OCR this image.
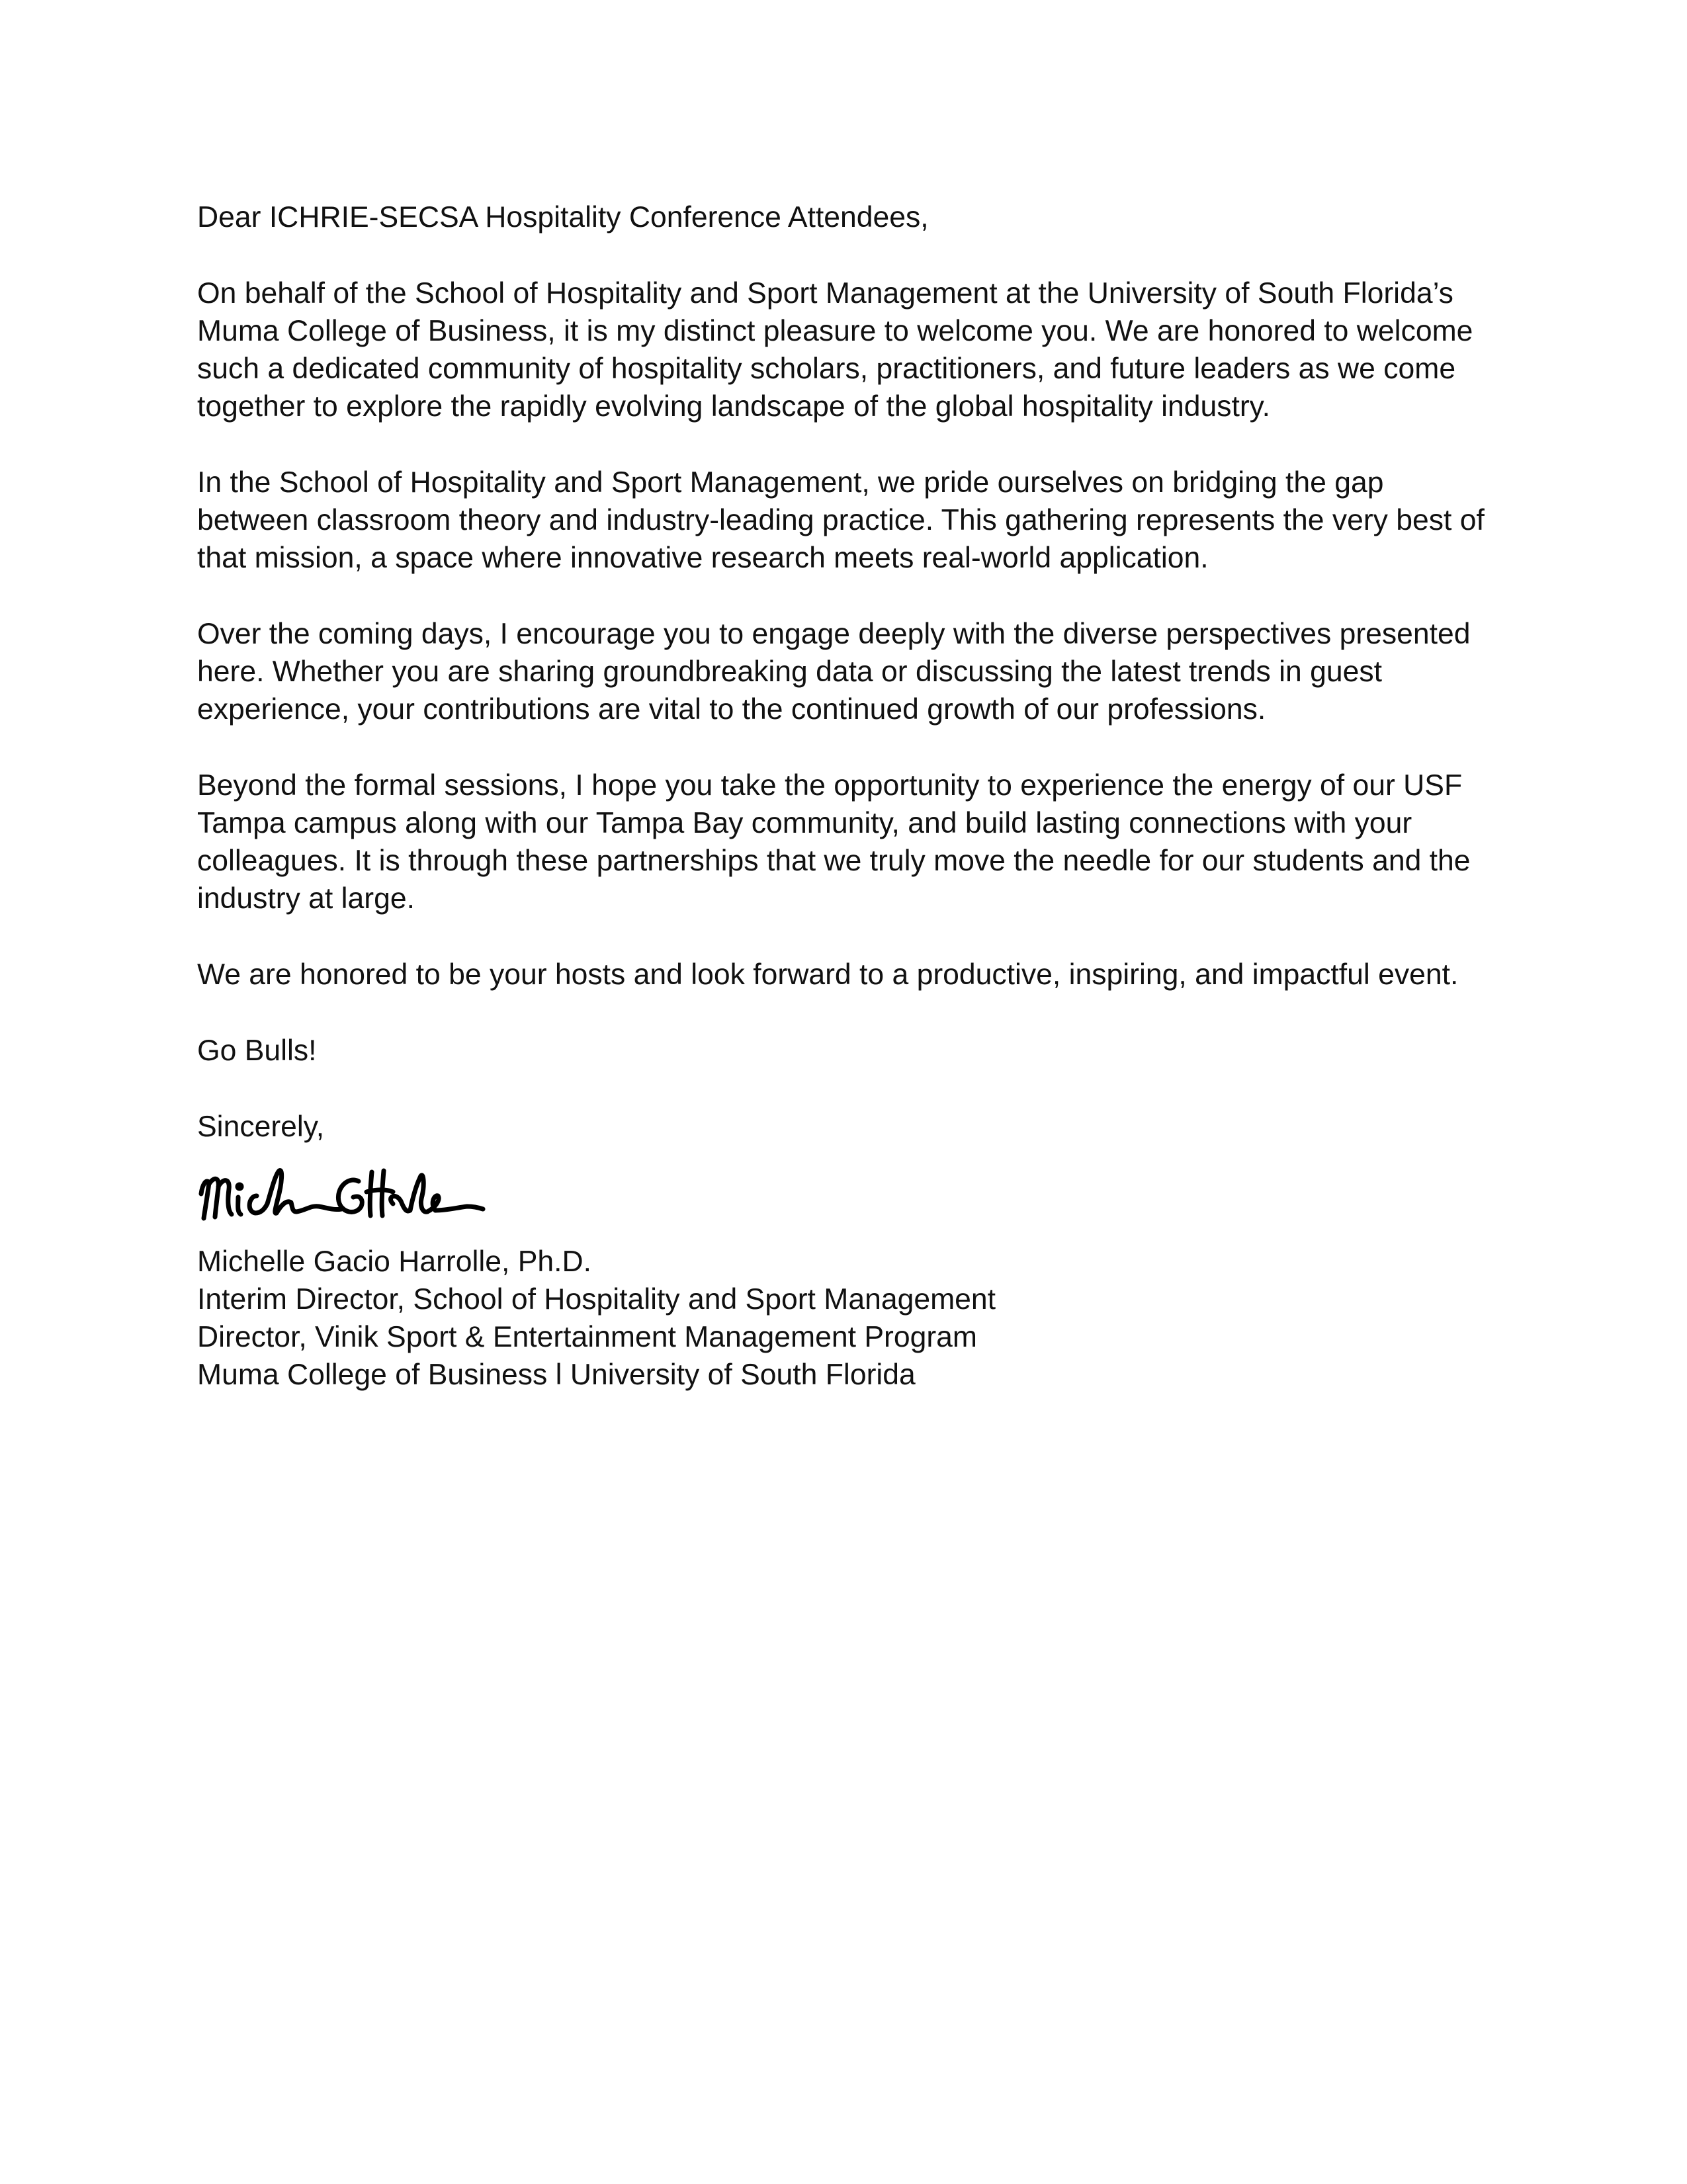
Dear ICHRIE-SECSA Hospitality Conference Attendees,

On behalf of the School of Hospitality and Sport Management at the University of South Florida’s Muma College of Business, it is my distinct pleasure to welcome you. We are honored to welcome such a dedicated community of hospitality scholars, practitioners, and future leaders as we come together to explore the rapidly evolving landscape of the global hospitality industry.

In the School of Hospitality and Sport Management, we pride ourselves on bridging the gap between classroom theory and industry-leading practice. This gathering represents the very best of that mission, a space where innovative research meets real-world application.

Over the coming days, I encourage you to engage deeply with the diverse perspectives presented here. Whether you are sharing groundbreaking data or discussing the latest trends in guest experience, your contributions are vital to the continued growth of our professions.

Beyond the formal sessions, I hope you take the opportunity to experience the energy of our USF Tampa campus along with our Tampa Bay community, and build lasting connections with your colleagues. It is through these partnerships that we truly move the needle for our students and the industry at large.

We are honored to be your hosts and look forward to a productive, inspiring, and impactful event.

Go Bulls!

Sincerely,

Michelle Gacio Harrolle, Ph.D.
Interim Director, School of Hospitality and Sport Management
Director, Vinik Sport & Entertainment Management Program
Muma College of Business l University of South Florida
